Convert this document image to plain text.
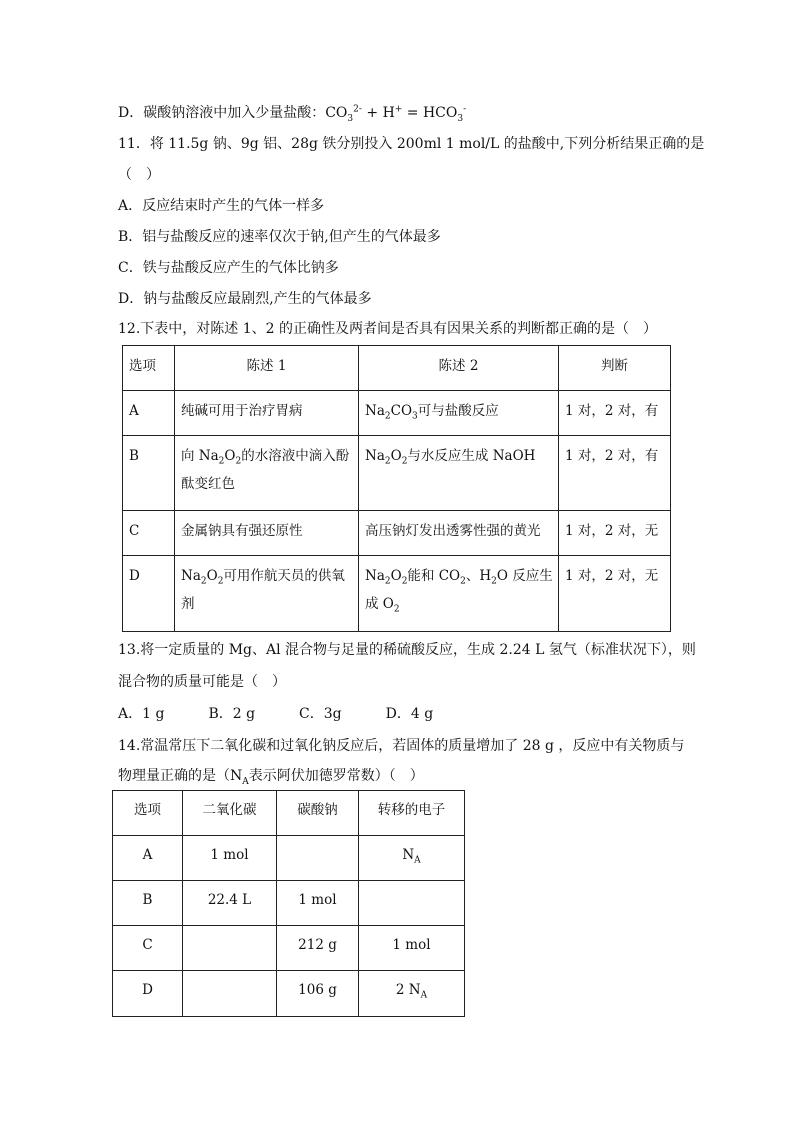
D．碳酸钠溶液中加入少量盐酸：$CO_3^{2-} + H^+ = HCO_3^-$
11．将 11.5g 钠、9g 铝、28g 铁分别投入 200ml 1 mol/L 的盐酸中,下列分析结果正确的是
（　）
A．反应结束时产生的气体一样多
B．铝与盐酸反应的速率仅次于钠,但产生的气体最多
C．铁与盐酸反应产生的气体比钠多
D．钠与盐酸反应最剧烈,产生的气体最多
12.下表中，对陈述 1、2 的正确性及两者间是否具有因果关系的判断都正确的是（　）
选项	陈述 1	陈述 2	判断
A	纯碱可用于治疗胃病	$Na_2CO_3$可与盐酸反应	1 对，2 对，有
B	向 $Na_2O_2$的水溶液中滴入酚
酞变红色	$Na_2O_2$与水反应生成 NaOH	1 对，2 对，有
C	金属钠具有强还原性	高压钠灯发出透雾性强的黄光	1 对，2 对，无
D	$Na_2O_2$可用作航天员的供氧
剂	$Na_2O_2$能和 $CO_2$、$H_2O$ 反应生
成 $O_2$	1 对，2 对，无
13.将一定质量的 Mg、Al 混合物与足量的稀硫酸反应，生成 2.24 L 氢气（标准状况下），则
混合物的质量可能是（　）
A．1 g	B．2 g	C．3g	D．4 g
14.常温常压下二氧化碳和过氧化钠反应后，若固体的质量增加了 28 g ，反应中有关物质与
物理量正确的是（$N_A$表示阿伏加德罗常数）（　）
选项	二氧化碳	碳酸钠	转移的电子
A	1 mol		$N_A$
B	22.4 L	1 mol	
C		212 g	1 mol
D		106 g	2 $N_A$
